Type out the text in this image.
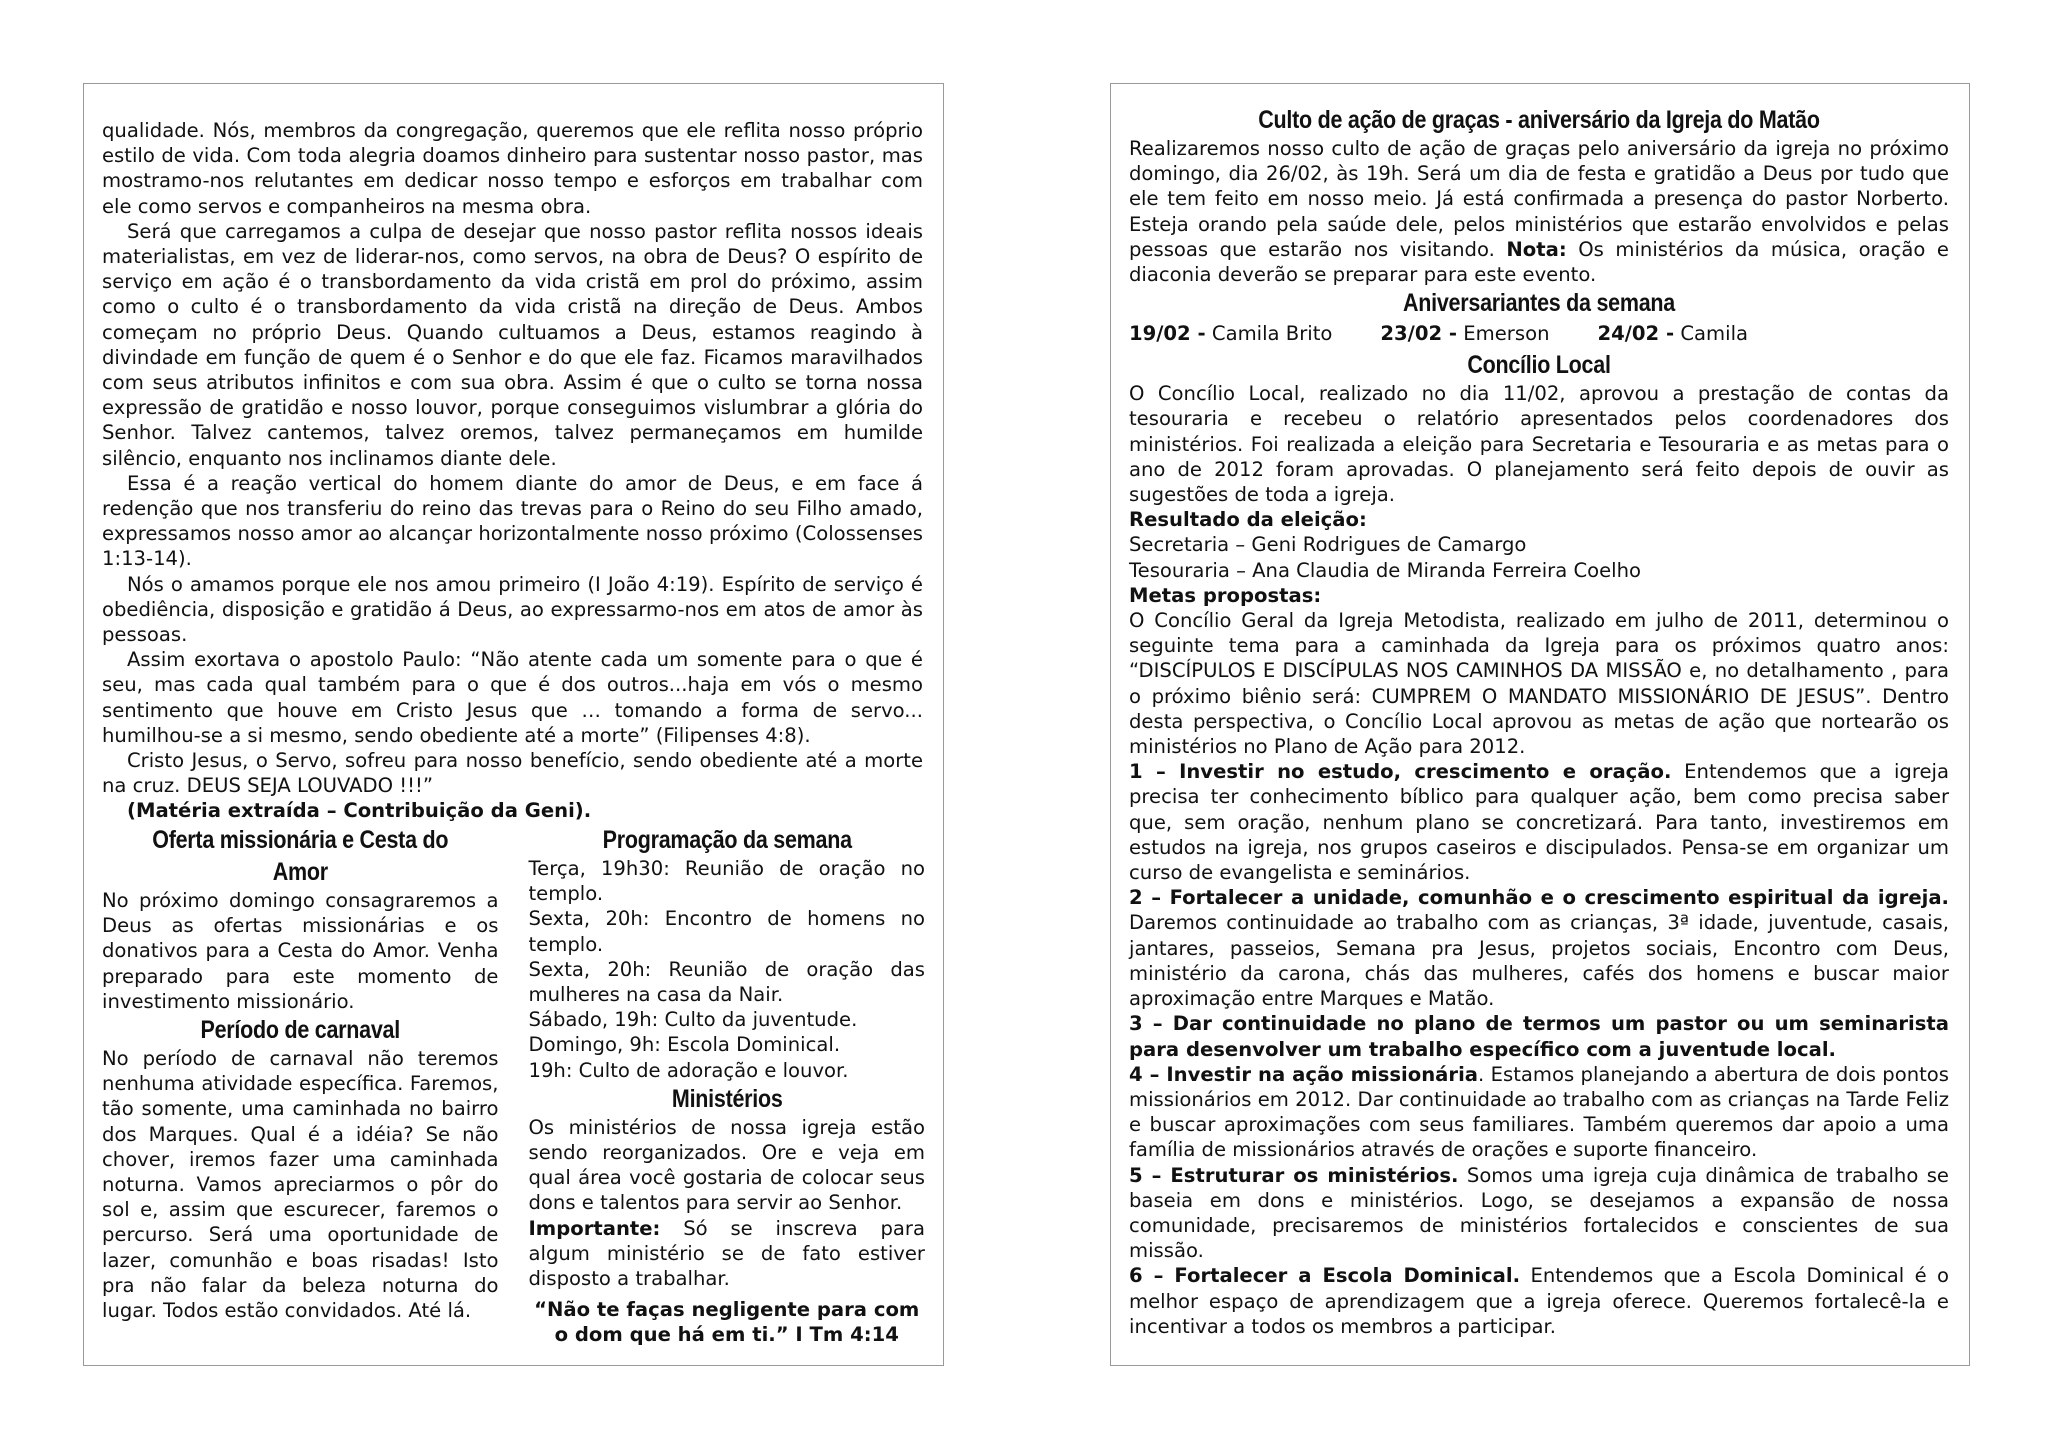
qualidade. Nós, membros da congregação, queremos que ele reflita nosso próprio estilo de vida. Com toda alegria doamos dinheiro para sustentar nosso pastor, mas mostramo-nos relutantes em dedicar nosso tempo e esforços em trabalhar com ele como servos e companheiros na mesma obra.

Será que carregamos a culpa de desejar que nosso pastor reflita nossos ideais materialistas, em vez de liderar-nos, como servos, na obra de Deus? O espírito de serviço em ação é o transbordamento da vida cristã em prol do próximo, assim como o culto é o transbordamento da vida cristã na direção de Deus. Ambos começam no próprio Deus. Quando cultuamos a Deus, estamos reagindo à divindade em função de quem é o Senhor e do que ele faz. Ficamos maravilhados com seus atributos infinitos e com sua obra. Assim é que o culto se torna nossa expressão de gratidão e nosso louvor, porque conseguimos vislumbrar a glória do Senhor. Talvez cantemos, talvez oremos, talvez permaneçamos em humilde silêncio, enquanto nos inclinamos diante dele.

Essa é a reação vertical do homem diante do amor de Deus, e em face á redenção que nos transferiu do reino das trevas para o Reino do seu Filho amado, expressamos nosso amor ao alcançar horizontalmente nosso próximo (Colossenses 1:13-14).

Nós o amamos porque ele nos amou primeiro (I João 4:19). Espírito de serviço é obediência, disposição e gratidão á Deus, ao expressarmo-nos em atos de amor às pessoas.

Assim exortava o apostolo Paulo: “Não atente cada um somente para o que é seu, mas cada qual também para o que é dos outros...haja em vós o mesmo sentimento que houve em Cristo Jesus que … tomando a forma de servo... humilhou-se a si mesmo, sendo obediente até a morte” (Filipenses 4:8).

Cristo Jesus, o Servo, sofreu para nosso benefício, sendo obediente até a morte na cruz. DEUS SEJA LOUVADO !!!”

(Matéria extraída – Contribuição da Geni).

Oferta missionária e Cesta do Amor

No próximo domingo consagraremos a Deus as ofertas missionárias e os donativos para a Cesta do Amor. Venha preparado para este momento de investimento missionário.

Período de carnaval

No período de carnaval não teremos nenhuma atividade específica. Faremos, tão somente, uma caminhada no bairro dos Marques. Qual é a idéia? Se não chover, iremos fazer uma caminhada noturna. Vamos apreciarmos o pôr do sol e, assim que escurecer, faremos o percurso. Será uma oportunidade de lazer, comunhão e boas risadas! Isto pra não falar da beleza noturna do lugar. Todos estão convidados. Até lá.

Programação da semana
Terça, 19h30: Reunião de oração no templo.
Sexta, 20h: Encontro de homens no templo.
Sexta, 20h: Reunião de oração das mulheres na casa da Nair.
Sábado, 19h: Culto da juventude.
Domingo, 9h: Escola Dominical.
19h: Culto de adoração e louvor.
Ministérios

Os ministérios de nossa igreja estão sendo reorganizados. Ore e veja em qual área você gostaria de colocar seus dons e talentos para servir ao Senhor.

Importante: Só se inscreva para algum ministério se de fato estiver disposto a trabalhar.

“Não te faças negligente para com o dom que há em ti.” I Tm 4:14
Culto de ação de graças - aniversário da Igreja do Matão

Realizaremos nosso culto de ação de graças pelo aniversário da igreja no próximo domingo, dia 26/02, às 19h. Será um dia de festa e gratidão a Deus por tudo que ele tem feito em nosso meio. Já está confirmada a presença do pastor Norberto. Esteja orando pela saúde dele, pelos ministérios que estarão envolvidos e pelas pessoas que estarão nos visitando. Nota: Os ministérios da música, oração e diaconia deverão se preparar para este evento.

Aniversariantes da semana
19/02 - Camila Brito 23/02 - Emerson 24/02 - Camila
Concílio Local

O Concílio Local, realizado no dia 11/02, aprovou a prestação de contas da tesouraria e recebeu o relatório apresentados pelos coordenadores dos ministérios. Foi realizada a eleição para Secretaria e Tesouraria e as metas para o ano de 2012 foram aprovadas. O planejamento será feito depois de ouvir as sugestões de toda a igreja.

Resultado da eleição:

Secretaria – Geni Rodrigues de Camargo

Tesouraria – Ana Claudia de Miranda Ferreira Coelho

Metas propostas:

O Concílio Geral da Igreja Metodista, realizado em julho de 2011, determinou o seguinte tema para a caminhada da Igreja para os próximos quatro anos: “DISCÍPULOS E DISCÍPULAS NOS CAMINHOS DA MISSÃO e, no detalhamento , para o próximo biênio será: CUMPREM O MANDATO MISSIONÁRIO DE JESUS”. Dentro desta perspectiva, o Concílio Local aprovou as metas de ação que nortearão os ministérios no Plano de Ação para 2012.

1 – Investir no estudo, crescimento e oração. Entendemos que a igreja precisa ter conhecimento bíblico para qualquer ação, bem como precisa saber que, sem oração, nenhum plano se concretizará. Para tanto, investiremos em estudos na igreja, nos grupos caseiros e discipulados. Pensa-se em organizar um curso de evangelista e seminários.

2 – Fortalecer a unidade, comunhão e o crescimento espiritual da igreja. Daremos continuidade ao trabalho com as crianças, 3ª idade, juventude, casais, jantares, passeios, Semana pra Jesus, projetos sociais, Encontro com Deus, ministério da carona, chás das mulheres, cafés dos homens e buscar maior aproximação entre Marques e Matão.

3 – Dar continuidade no plano de termos um pastor ou um seminarista para desenvolver um trabalho específico com a juventude local.

4 – Investir na ação missionária. Estamos planejando a abertura de dois pontos missionários em 2012. Dar continuidade ao trabalho com as crianças na Tarde Feliz e buscar aproximações com seus familiares. Também queremos dar apoio a uma família de missionários através de orações e suporte financeiro.

5 – Estruturar os ministérios. Somos uma igreja cuja dinâmica de trabalho se baseia em dons e ministérios. Logo, se desejamos a expansão de nossa comunidade, precisaremos de ministérios fortalecidos e conscientes de sua missão.

6 – Fortalecer a Escola Dominical. Entendemos que a Escola Dominical é o melhor espaço de aprendizagem que a igreja oferece. Queremos fortalecê-la e incentivar a todos os membros a participar.
